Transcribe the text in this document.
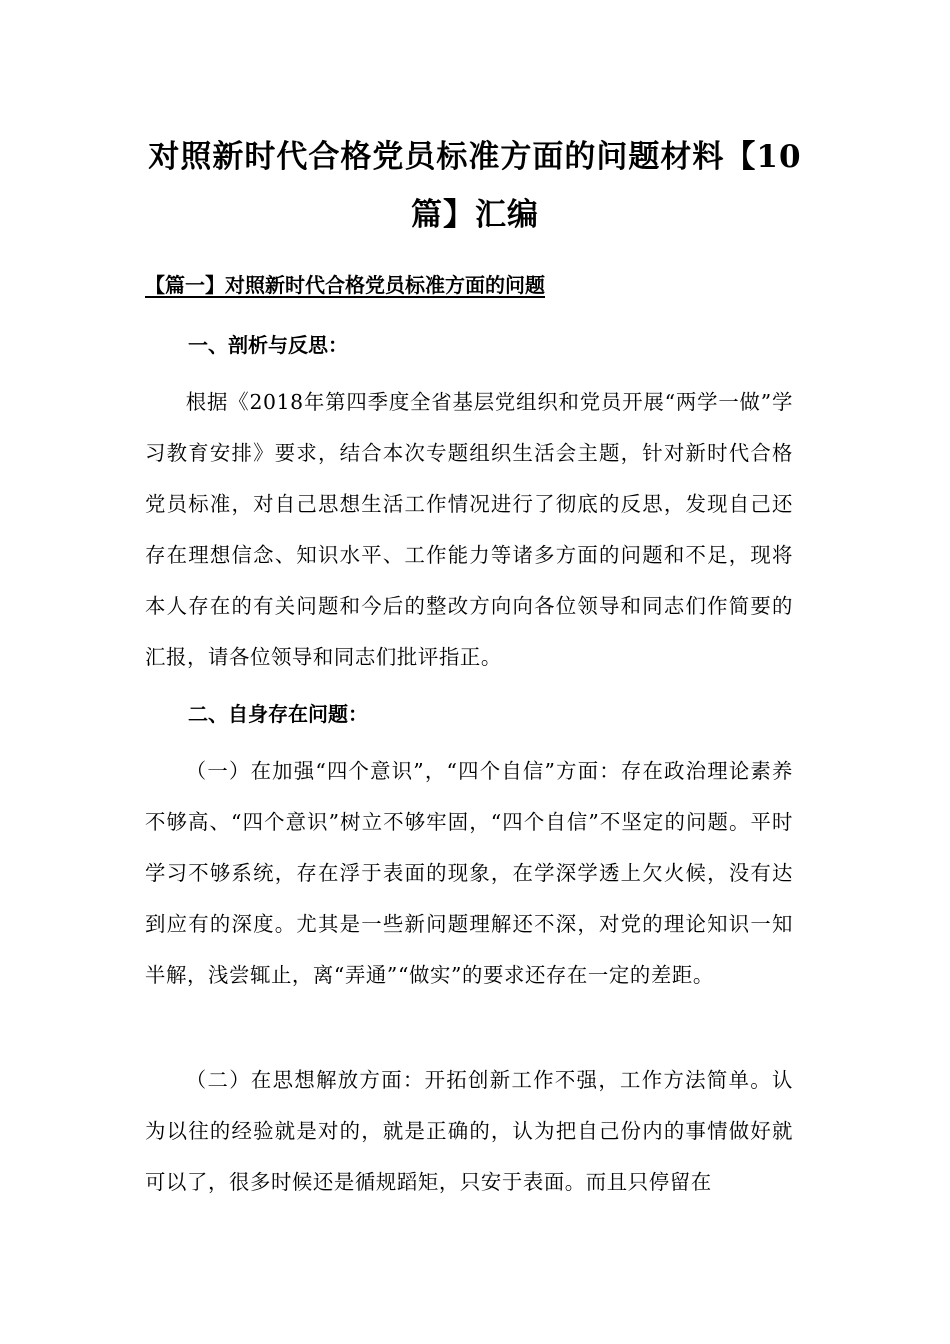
对照新时代合格党员标准方面的问题材料【10篇】汇编
【篇一】对照新时代合格党员标准方面的问题
一、剖析与反思：

根据《2018年第四季度全省基层党组织和党员开展“两学一做”学习教育安排》要求，结合本次专题组织生活会主题，针对新时代合格党员标准，对自己思想生活工作情况进行了彻底的反思，发现自己还存在理想信念、知识水平、工作能力等诸多方面的问题和不足，现将本人存在的有关问题和今后的整改方向向各位领导和同志们作简要的汇报，请各位领导和同志们批评指正。

二、自身存在问题：

（一）在加强“四个意识”，“四个自信”方面：存在政治理论素养不够高、“四个意识”树立不够牢固，“四个自信”不坚定的问题。平时学习不够系统，存在浮于表面的现象，在学深学透上欠火候，没有达到应有的深度。尤其是一些新问题理解还不深，对党的理论知识一知半解，浅尝辄止，离“弄通”“做实”的要求还存在一定的差距。

（二）在思想解放方面：开拓创新工作不强，工作方法简单。认为以往的经验就是对的，就是正确的，认为把自己份内的事情做好就可以了，很多时候还是循规蹈矩，只安于表面。而且只停留在
